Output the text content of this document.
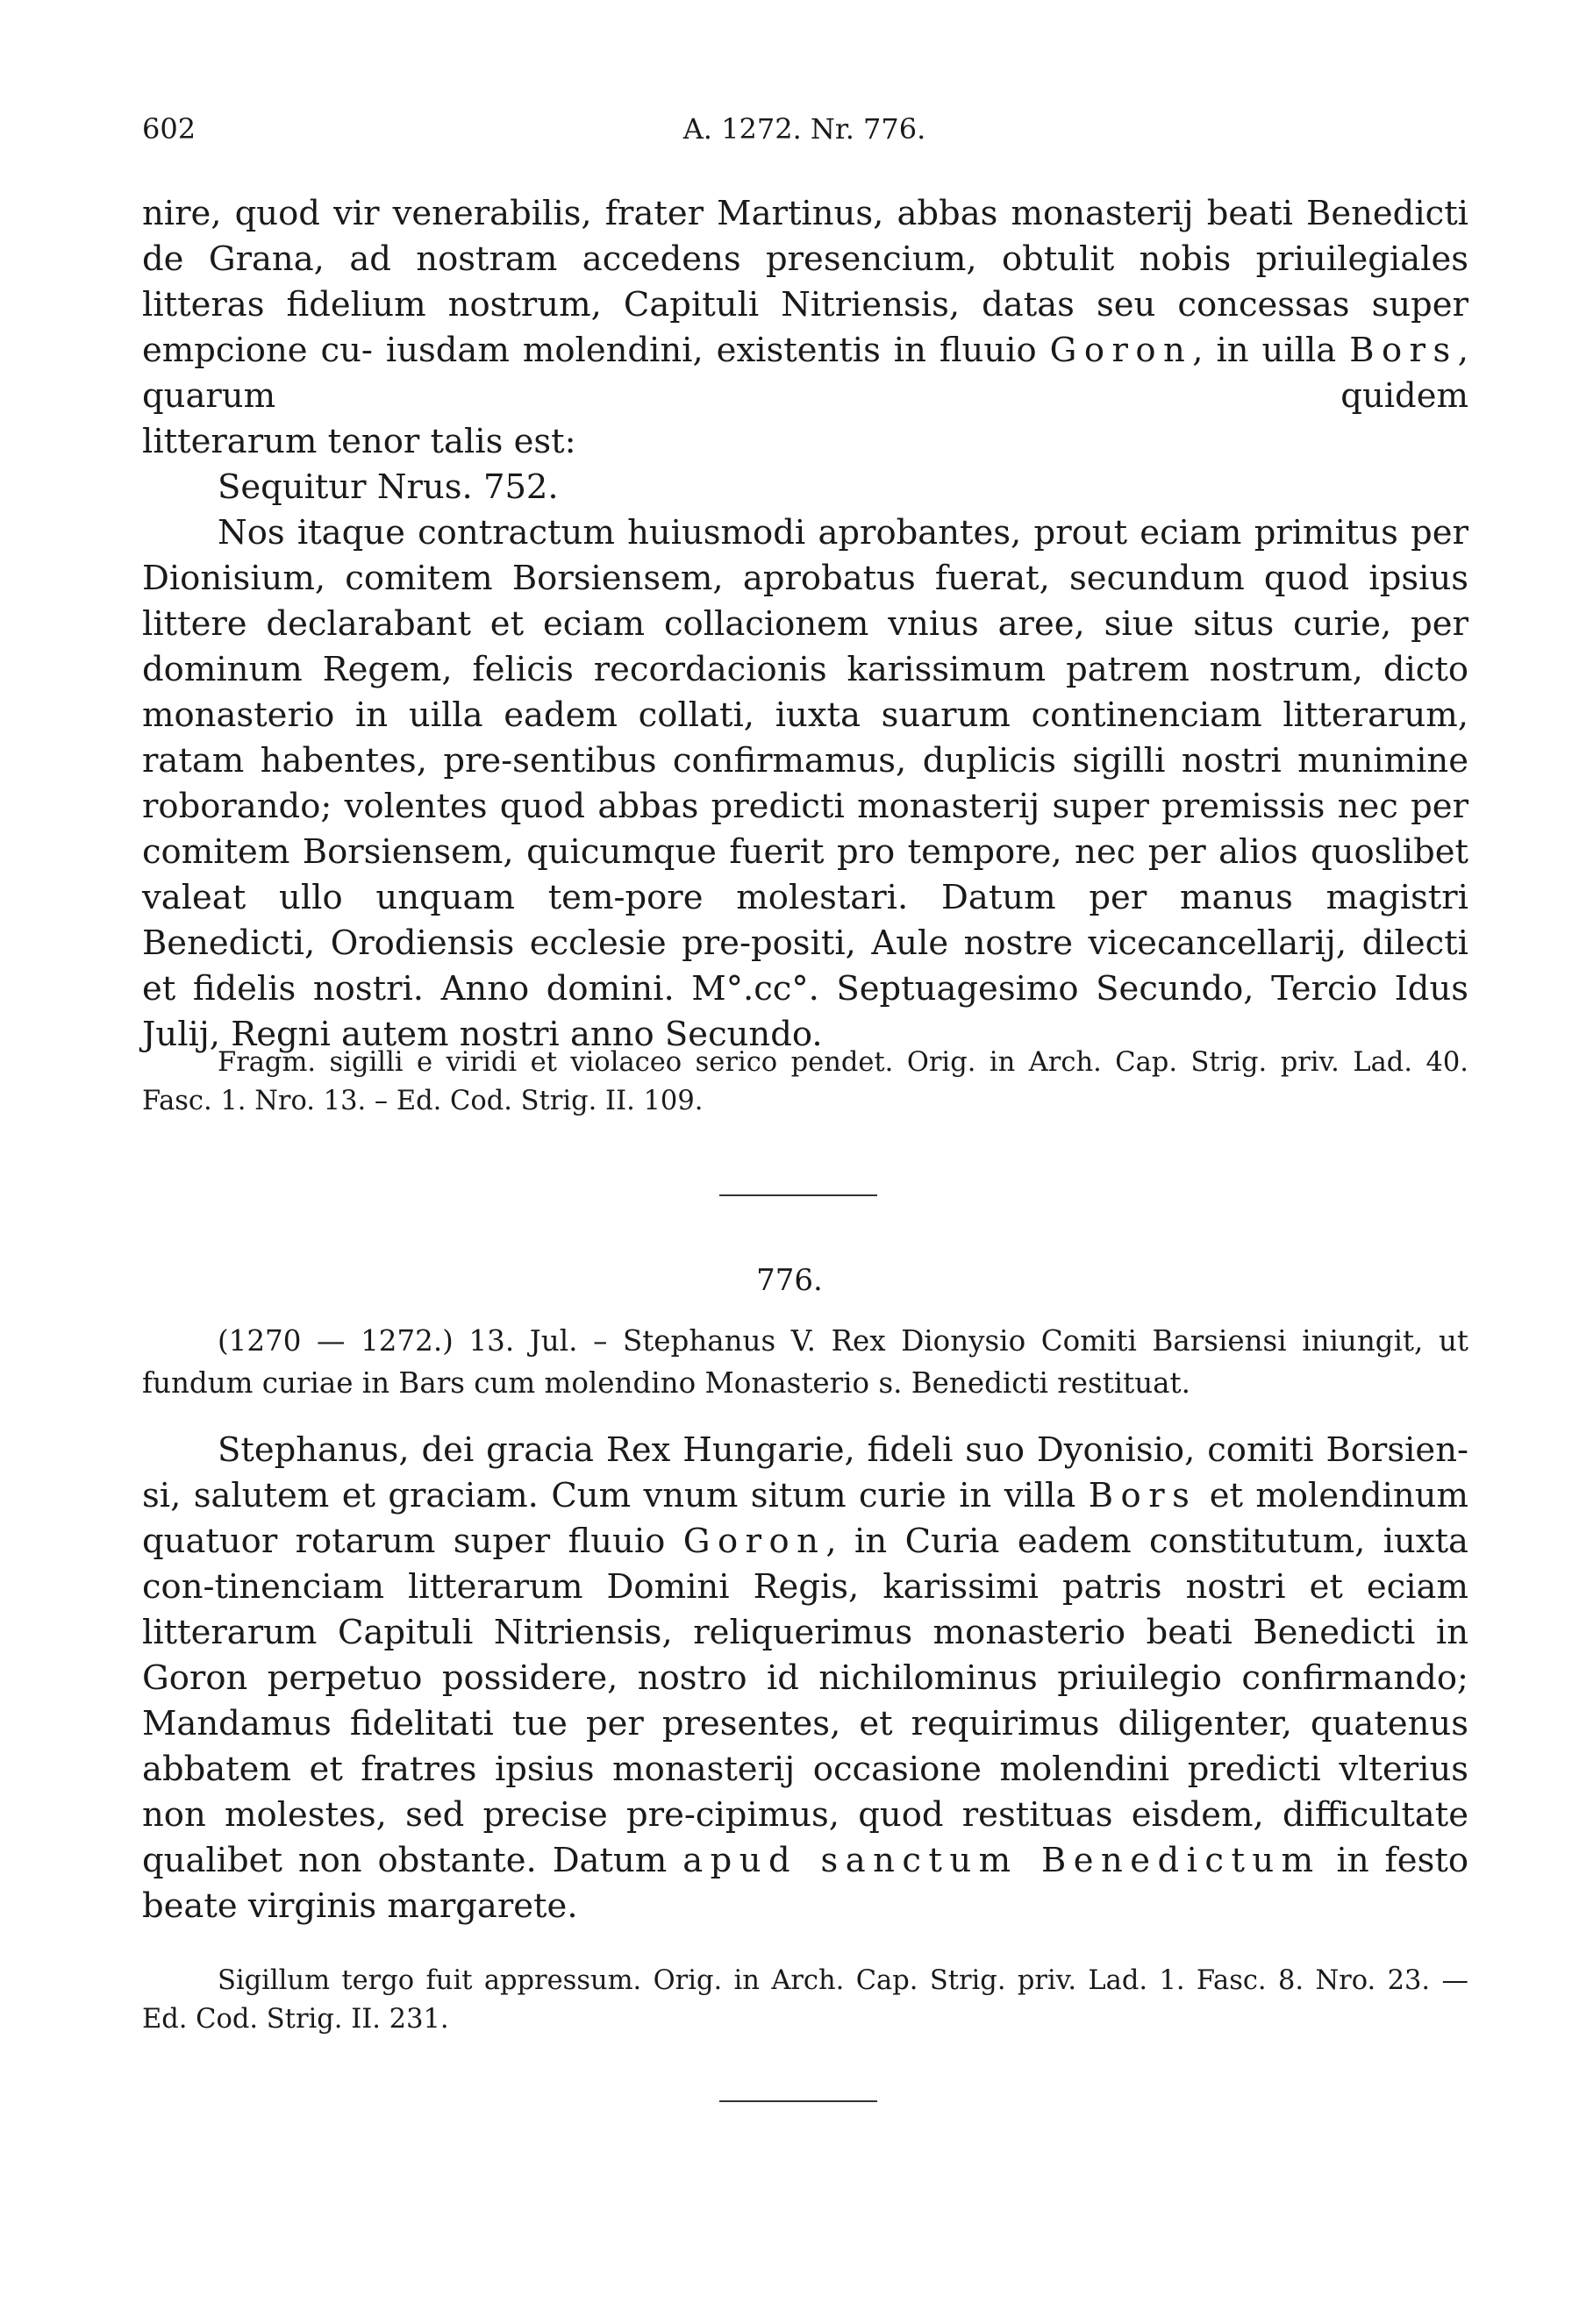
602	A. 1272. Nr. 776.

nire, quod vir venerabilis, frater Martinus, abbas monasterij beati Benedicti de Grana, ad nostram accedens presencium, obtulit nobis priuilegiales litteras fidelium nostrum, Capituli Nitriensis, datas seu concessas super empcione cu- iusdam molendini, existentis in fluuio Goron, in uilla Bors, quarum quidem

litterarum tenor talis est:

Sequitur Nrus. 752.

Nos itaque contractum huiusmodi aprobantes, prout eciam primitus per Dionisium, comitem Borsiensem, aprobatus fuerat, secundum quod ipsius littere declarabant et eciam collacionem vnius aree, siue situs curie, per dominum Regem, felicis recordacionis karissimum patrem nostrum, dicto monasterio in uilla eadem collati, iuxta suarum continenciam litterarum, ratam habentes, pre-sentibus confirmamus, duplicis sigilli nostri munimine roborando; volentes quod abbas predicti monasterij super premissis nec per comitem Borsiensem, quicumque fuerit pro tempore, nec per alios quoslibet valeat ullo unquam tem-pore molestari. Datum per manus magistri Benedicti, Orodiensis ecclesie pre-positi, Aule nostre vicecancellarij, dilecti et fidelis nostri. Anno domini. M°.cc°. Septuagesimo Secundo, Tercio Idus Julij, Regni autem nostri anno Secundo.

Fragm. sigilli e viridi et violaceo serico pendet. Orig. in Arch. Cap. Strig. priv. Lad. 40. Fasc. 1. Nro. 13. – Ed. Cod. Strig. II. 109.

776.

(1270 — 1272.) 13. Jul. – Stephanus V. Rex Dionysio Comiti Barsiensi iniungit, ut fundum curiae in Bars cum molendino Monasterio s. Benedicti restituat.

Stephanus, dei gracia Rex Hungarie, fideli suo Dyonisio, comiti Borsien-si, salutem et graciam. Cum vnum situm curie in villa Bors et molendinum quatuor rotarum super fluuio Goron, in Curia eadem constitutum, iuxta con-tinenciam litterarum Domini Regis, karissimi patris nostri et eciam litterarum Capituli Nitriensis, reliquerimus monasterio beati Benedicti in Goron perpetuo possidere, nostro id nichilominus priuilegio confirmando; Mandamus fidelitati tue per presentes, et requirimus diligenter, quatenus abbatem et fratres ipsius monasterij occasione molendini predicti vlterius non molestes, sed precise pre-cipimus, quod restituas eisdem, difficultate qualibet non obstante. Datum apud sanctum Benedictum in festo beate virginis margarete.

Sigillum tergo fuit appressum. Orig. in Arch. Cap. Strig. priv. Lad. 1. Fasc. 8. Nro. 23. — Ed. Cod. Strig. II. 231.
